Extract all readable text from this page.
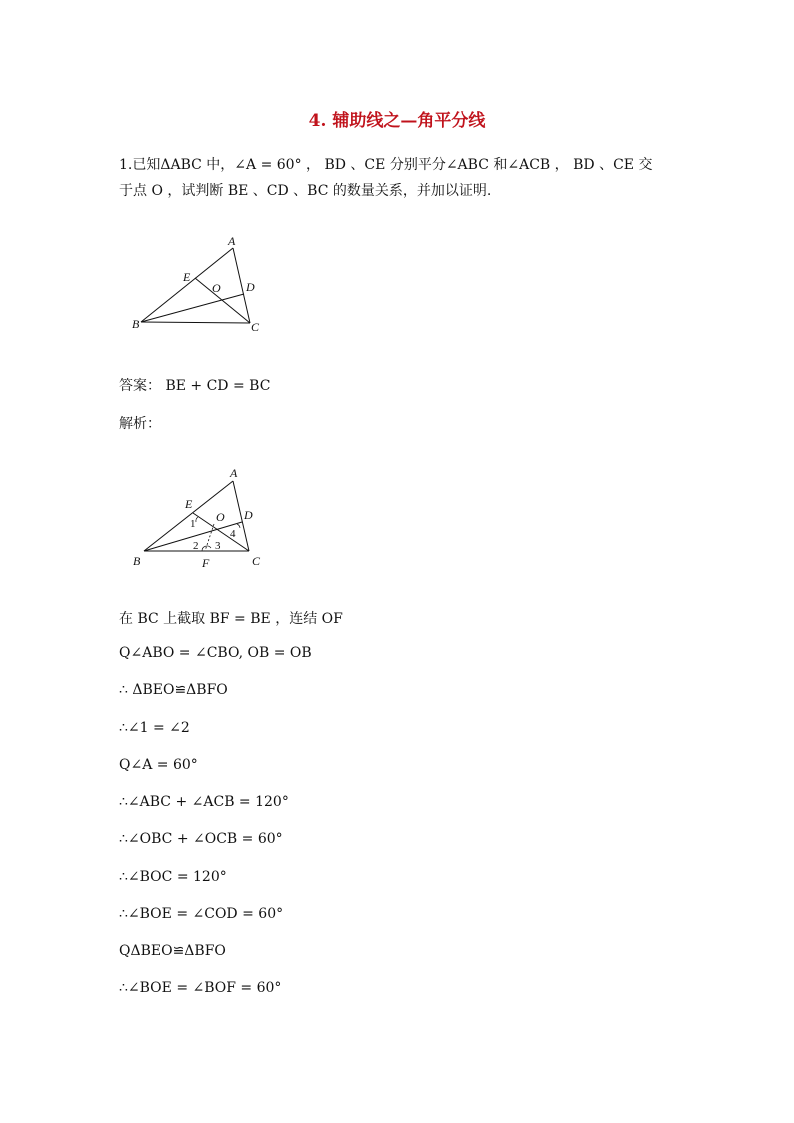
4. 辅助线之—角平分线
1.已知ΔABC 中，∠A = 60° ， BD 、CE 分别平分∠ABC 和∠ACB ， BD 、CE 交
于点 O ，试判断 BE 、CD 、BC 的数量关系，并加以证明.
A
B	C
D
E
O
答案： BE + CD = BC
解析：
A
B	C
D
E
O
F
1
2 3
4
在 BC 上截取 BF = BE ，连结 OF
Q∠ABO = ∠CBO, OB = OB
∴ ΔBEO≌ΔBFO
∴∠1 = ∠2
Q∠A = 60°
∴∠ABC + ∠ACB = 120°
∴∠OBC + ∠OCB = 60°
∴∠BOC = 120°
∴∠BOE = ∠COD = 60°
QΔBEO≌ΔBFO
∴∠BOE = ∠BOF = 60°
